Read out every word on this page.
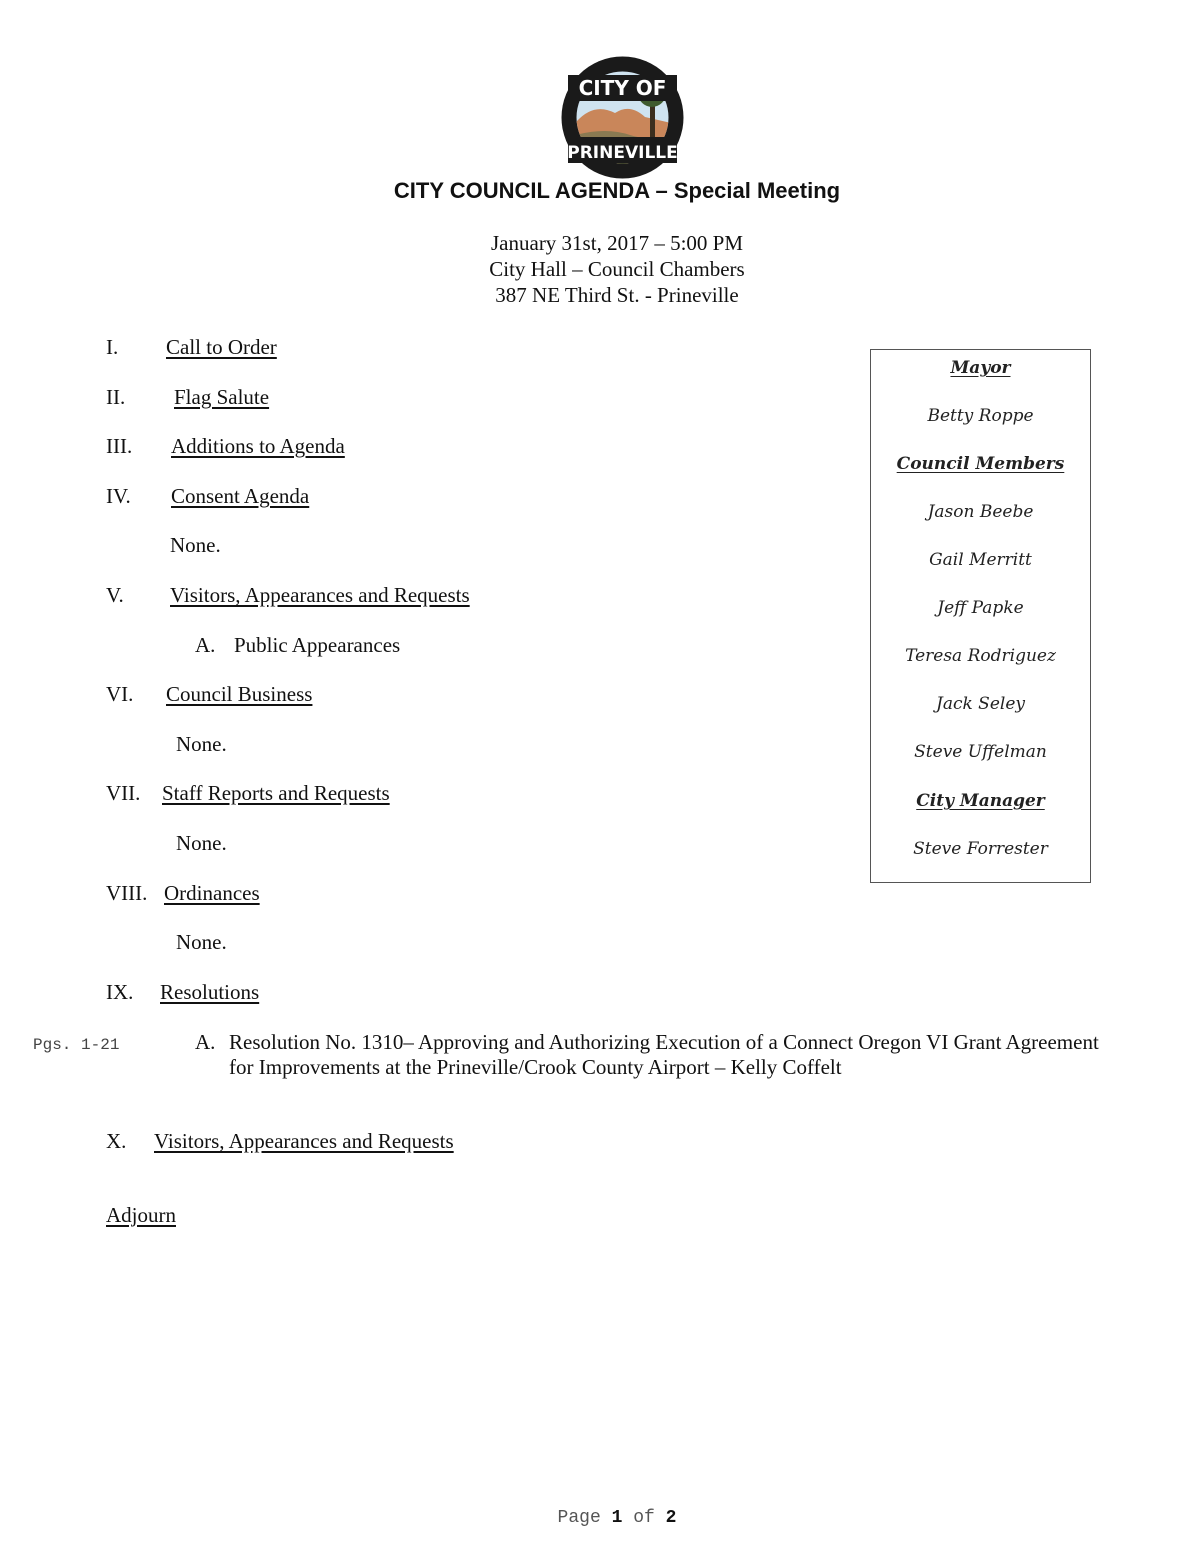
CITY OF
PRINEVILLE
CITY COUNCIL AGENDA – Special Meeting
January 31st, 2017 – 5:00 PM
City Hall – Council Chambers
387 NE Third St. - Prineville
I. Call to Order
II. Flag Salute
III. Additions to Agenda
IV. Consent Agenda
None.
V. Visitors, Appearances and Requests
A. Public Appearances
VI. Council Business
None.
VII. Staff Reports and Requests
None.
VIII. Ordinances
None.
IX. Resolutions
Pgs. 1-21	A. Resolution No. 1310– Approving and Authorizing Execution of a Connect Oregon VI Grant Agreement
for Improvements at the Prineville/Crook County Airport – Kelly Coffelt
X. Visitors, Appearances and Requests
Adjourn
Mayor
Betty Roppe
Council Members
Jason Beebe
Gail Merritt
Jeff Papke
Teresa Rodriguez
Jack Seley
Steve Uffelman
City Manager
Steve Forrester
Page 1 of 2
